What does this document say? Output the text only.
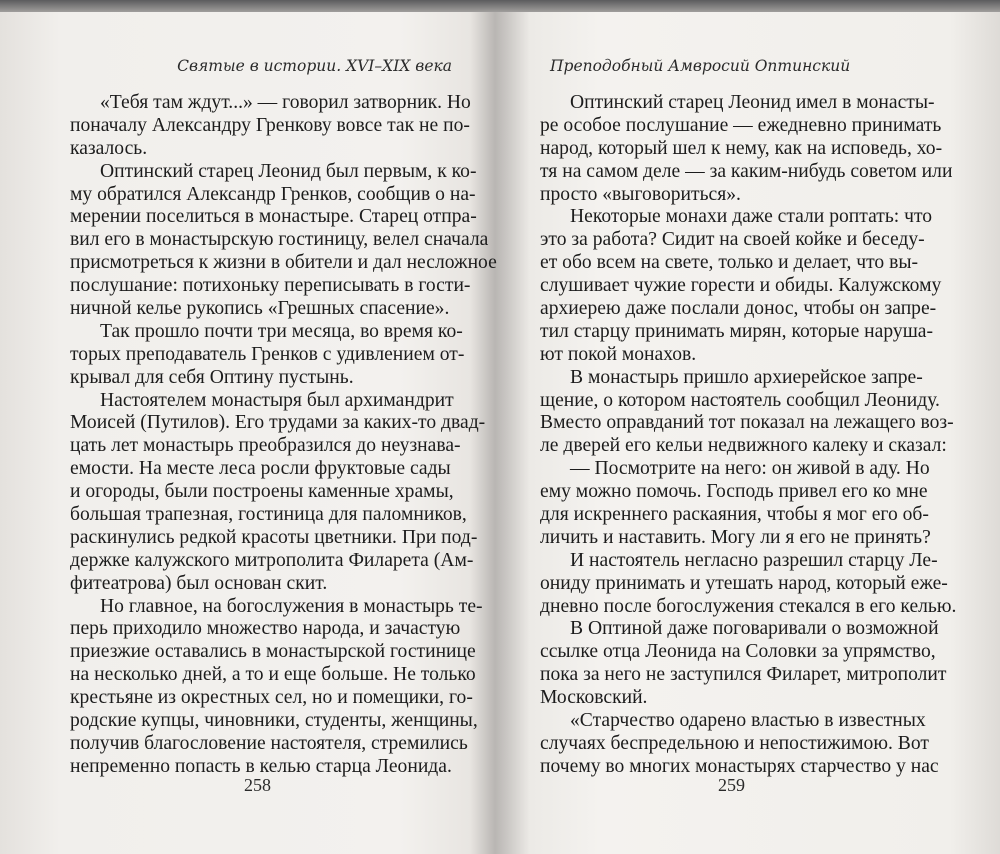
Святые в истории. XVI–XIX века
«Тебя там ждут...» — говорил затворник. Но
поначалу Александру Гренкову вовсе так не по-
казалось.
Оптинский старец Леонид был первым, к ко-
му обратился Александр Гренков, сообщив о на-
мерении поселиться в монастыре. Старец отпра-
вил его в монастырскую гостиницу, велел сначала
присмотреться к жизни в обители и дал несложное
послушание: потихоньку переписывать в гости-
ничной келье рукопись «Грешных спасение».
Так прошло почти три месяца, во время ко-
торых преподаватель Гренков с удивлением от-
крывал для себя Оптину пустынь.
Настоятелем монастыря был архимандрит
Моисей (Путилов). Его трудами за каких-то двад-
цать лет монастырь преобразился до неузнава-
емости. На месте леса росли фруктовые сады
и огороды, были построены каменные храмы,
большая трапезная, гостиница для паломников,
раскинулись редкой красоты цветники. При под-
держке калужского митрополита Филарета (Ам-
фитеатрова) был основан скит.
Но главное, на богослужения в монастырь те-
перь приходило множество народа, и зачастую
приезжие оставались в монастырской гостинице
на несколько дней, а то и еще больше. Не только
крестьяне из окрестных сел, но и помещики, го-
родские купцы, чиновники, студенты, женщины,
получив благословение настоятеля, стремились
непременно попасть в келью старца Леонида.
258
Преподобный Амвросий Оптинский
Оптинский старец Леонид имел в монасты-
ре особое послушание — ежедневно принимать
народ, который шел к нему, как на исповедь, хо-
тя на самом деле — за каким-нибудь советом или
просто «выговориться».
Некоторые монахи даже стали роптать: что
это за работа? Сидит на своей койке и беседу-
ет обо всем на свете, только и делает, что вы-
слушивает чужие горести и обиды. Калужскому
архиерею даже послали донос, чтобы он запре-
тил старцу принимать мирян, которые наруша-
ют покой монахов.
В монастырь пришло архиерейское запре-
щение, о котором настоятель сообщил Леониду.
Вместо оправданий тот показал на лежащего воз-
ле дверей его кельи недвижного калеку и сказал:
— Посмотрите на него: он живой в аду. Но
ему можно помочь. Господь привел его ко мне
для искреннего раскаяния, чтобы я мог его об-
личить и наставить. Могу ли я его не принять?
И настоятель негласно разрешил старцу Ле-
ониду принимать и утешать народ, который еже-
дневно после богослужения стекался в его келью.
В Оптиной даже поговаривали о возможной
ссылке отца Леонида на Соловки за упрямство,
пока за него не заступился Филарет, митрополит
Московский.
«Старчество одарено властью в известных
случаях беспредельною и непостижимою. Вот
почему во многих монастырях старчество у нас
259
